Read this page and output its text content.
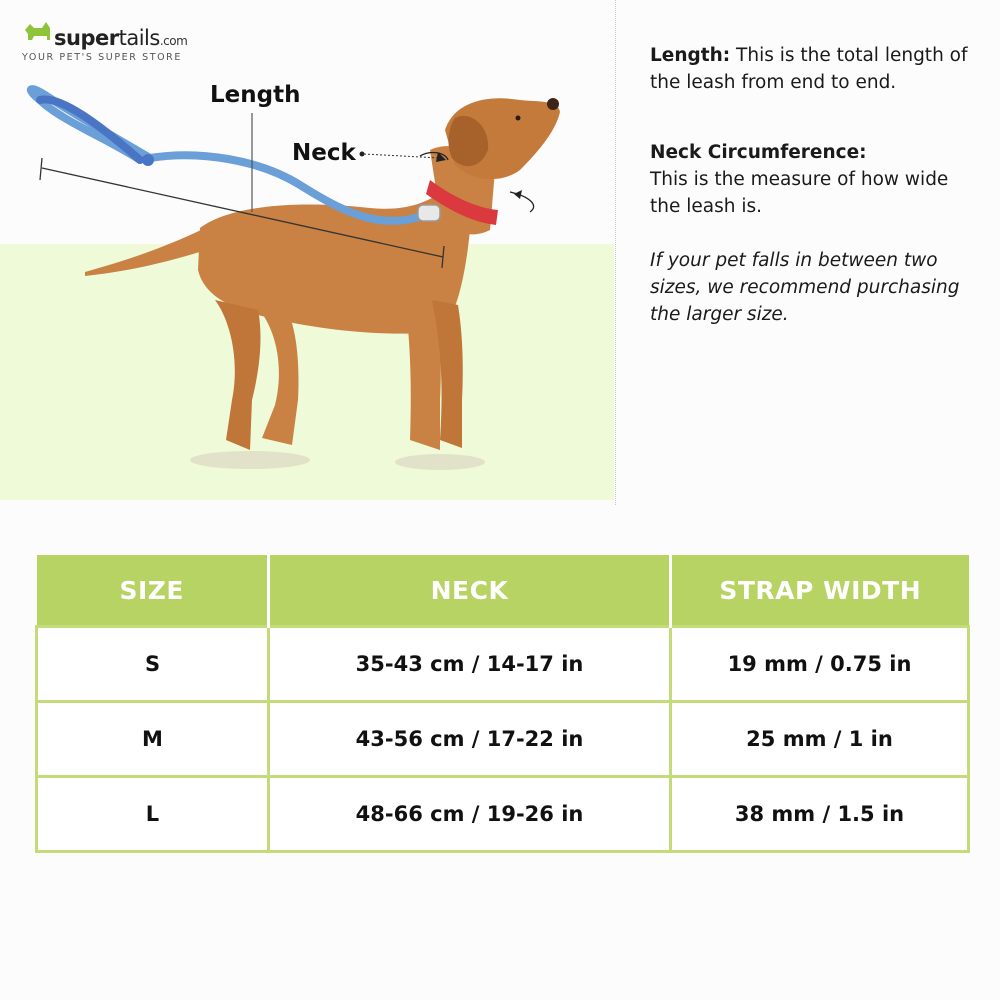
supertails.com
YOUR PET'S SUPER STORE
Length
Neck

Length: This is the total length of the leash from end to end.

Neck Circumference:
This is the measure of how wide the leash is.

If your pet falls in between two sizes, we recommend purchasing the larger size.

SIZE	NECK	STRAP WIDTH
S	35-43 cm / 14-17 in	19 mm / 0.75 in
M	43-56 cm / 17-22 in	25 mm / 1 in
L	48-66 cm / 19-26 in	38 mm / 1.5 in
